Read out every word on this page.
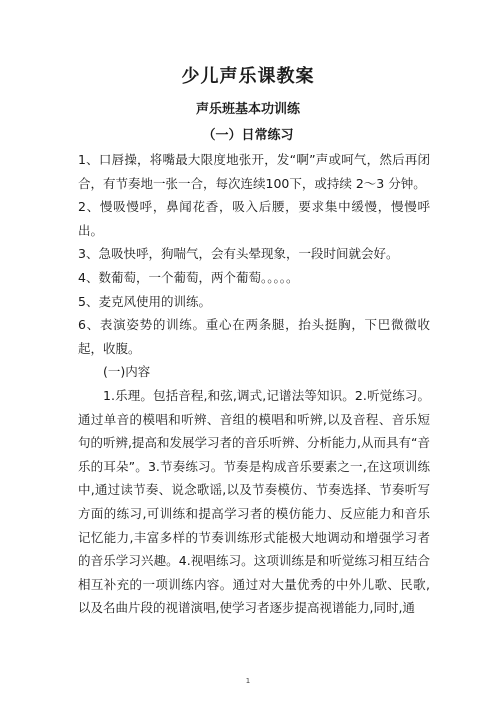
少儿声乐课教案
声乐班基本功训练
（一）日常练习

1、口唇操，将嘴最大限度地张开，发“啊”声或呵气，然后再闭合，有节奏地一张一合，每次连续100下，或持续 2～3 分钟。

2、慢吸慢呼，鼻闻花香，吸入后腰，要求集中缓慢，慢慢呼出。

3、急吸快呼，狗喘气，会有头晕现象，一段时间就会好。

4、数葡萄，一个葡萄，两个葡萄。。。。。

5、麦克风使用的训练。

6、表演姿势的训练。重心在两条腿，抬头挺胸，下巴微微收起，收腹。

(一)内容

1.乐理。包括音程,和弦,调式,记谱法等知识。2.听觉练习。通过单音的模唱和听辨、音组的模唱和听辨,以及音程、音乐短句的听辨,提高和发展学习者的音乐听辨、分析能力,从而具有“音乐的耳朵”。3.节奏练习。节奏是构成音乐要素之一,在这项训练中,通过读节奏、说念歌谣,以及节奏模仿、节奏选择、节奏听写方面的练习,可训练和提高学习者的模仿能力、反应能力和音乐记忆能力,丰富多样的节奏训练形式能极大地调动和增强学习者的音乐学习兴趣。4.视唱练习。这项训练是和听觉练习相互结合相互补充的一项训练内容。通过对大量优秀的中外儿歌、民歌,以及名曲片段的视谱演唱,使学习者逐步提高视谱能力,同时,通

1
